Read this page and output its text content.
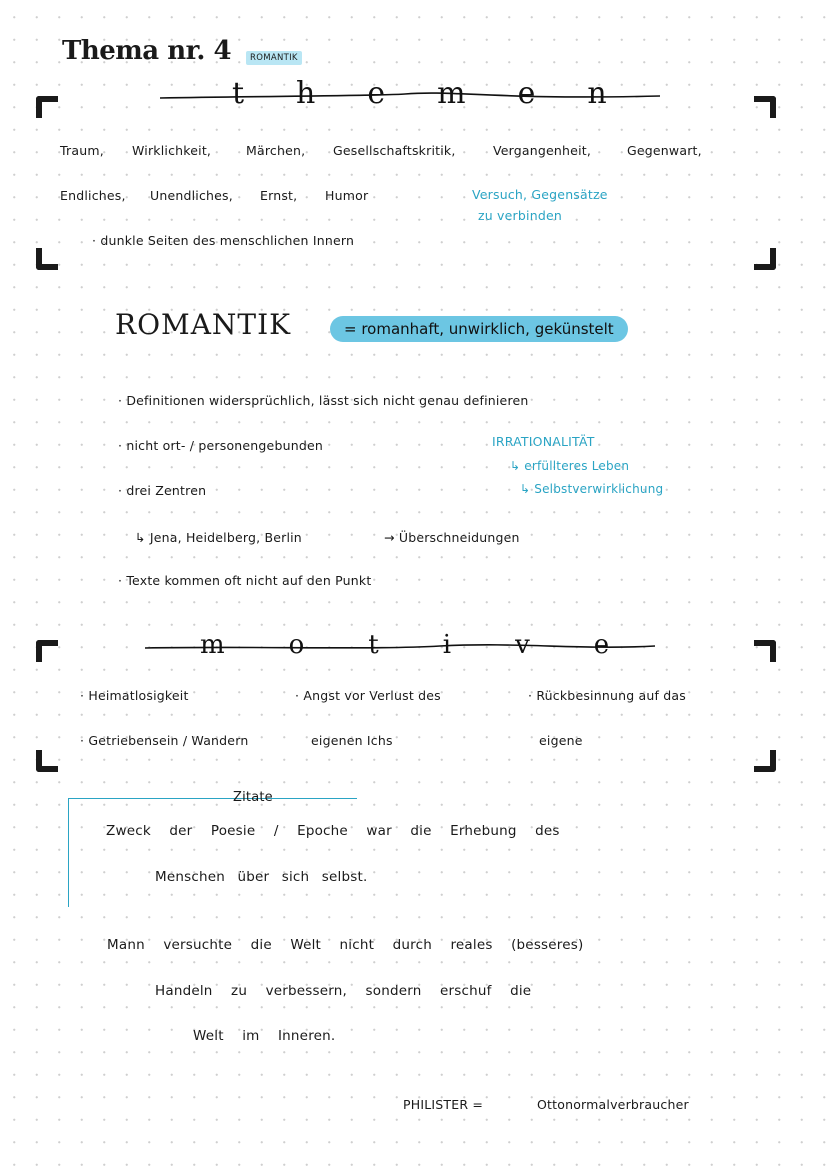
Thema nr. 4	ROMANTIK
themen
Traum, Wirklichkeit,	Märchen, Gesellschaftskritik,	Vergangenheit,	Gegenwart,
Endliches, Unendliches, Ernst, Humor	Versuch, Gegensätze
zu verbinden
· dunkle Seiten des menschlichen Innern
ROMANTIK	= romanhaft, unwirklich, gekünstelt
· Definitionen widersprüchlich, lässt sich nicht genau definieren
· nicht ort- / personengebunden
· drei Zentren
↳ Jena, Heidelberg, Berlin	→ Überschneidungen
· Texte kommen oft nicht auf den Punkt
IRRATIONALITÄT
↳ erfüllteres Leben
↳ Selbstverwirklichung
motive
· Heimatlosigkeit
· Getriebensein / Wandern
· Angst vor Verlust des
eigenen Ichs
· Rückbesinnung auf das
eigene
Zitate
Zweck der Poesie / Epoche war die Erhebung des
Menschen über sich selbst.
Mann versuchte die Welt nicht durch reales (besseres)
Handeln zu verbessern, sondern erschuf die
Welt im Inneren.
PHILISTER =	Ottonormalverbraucher
